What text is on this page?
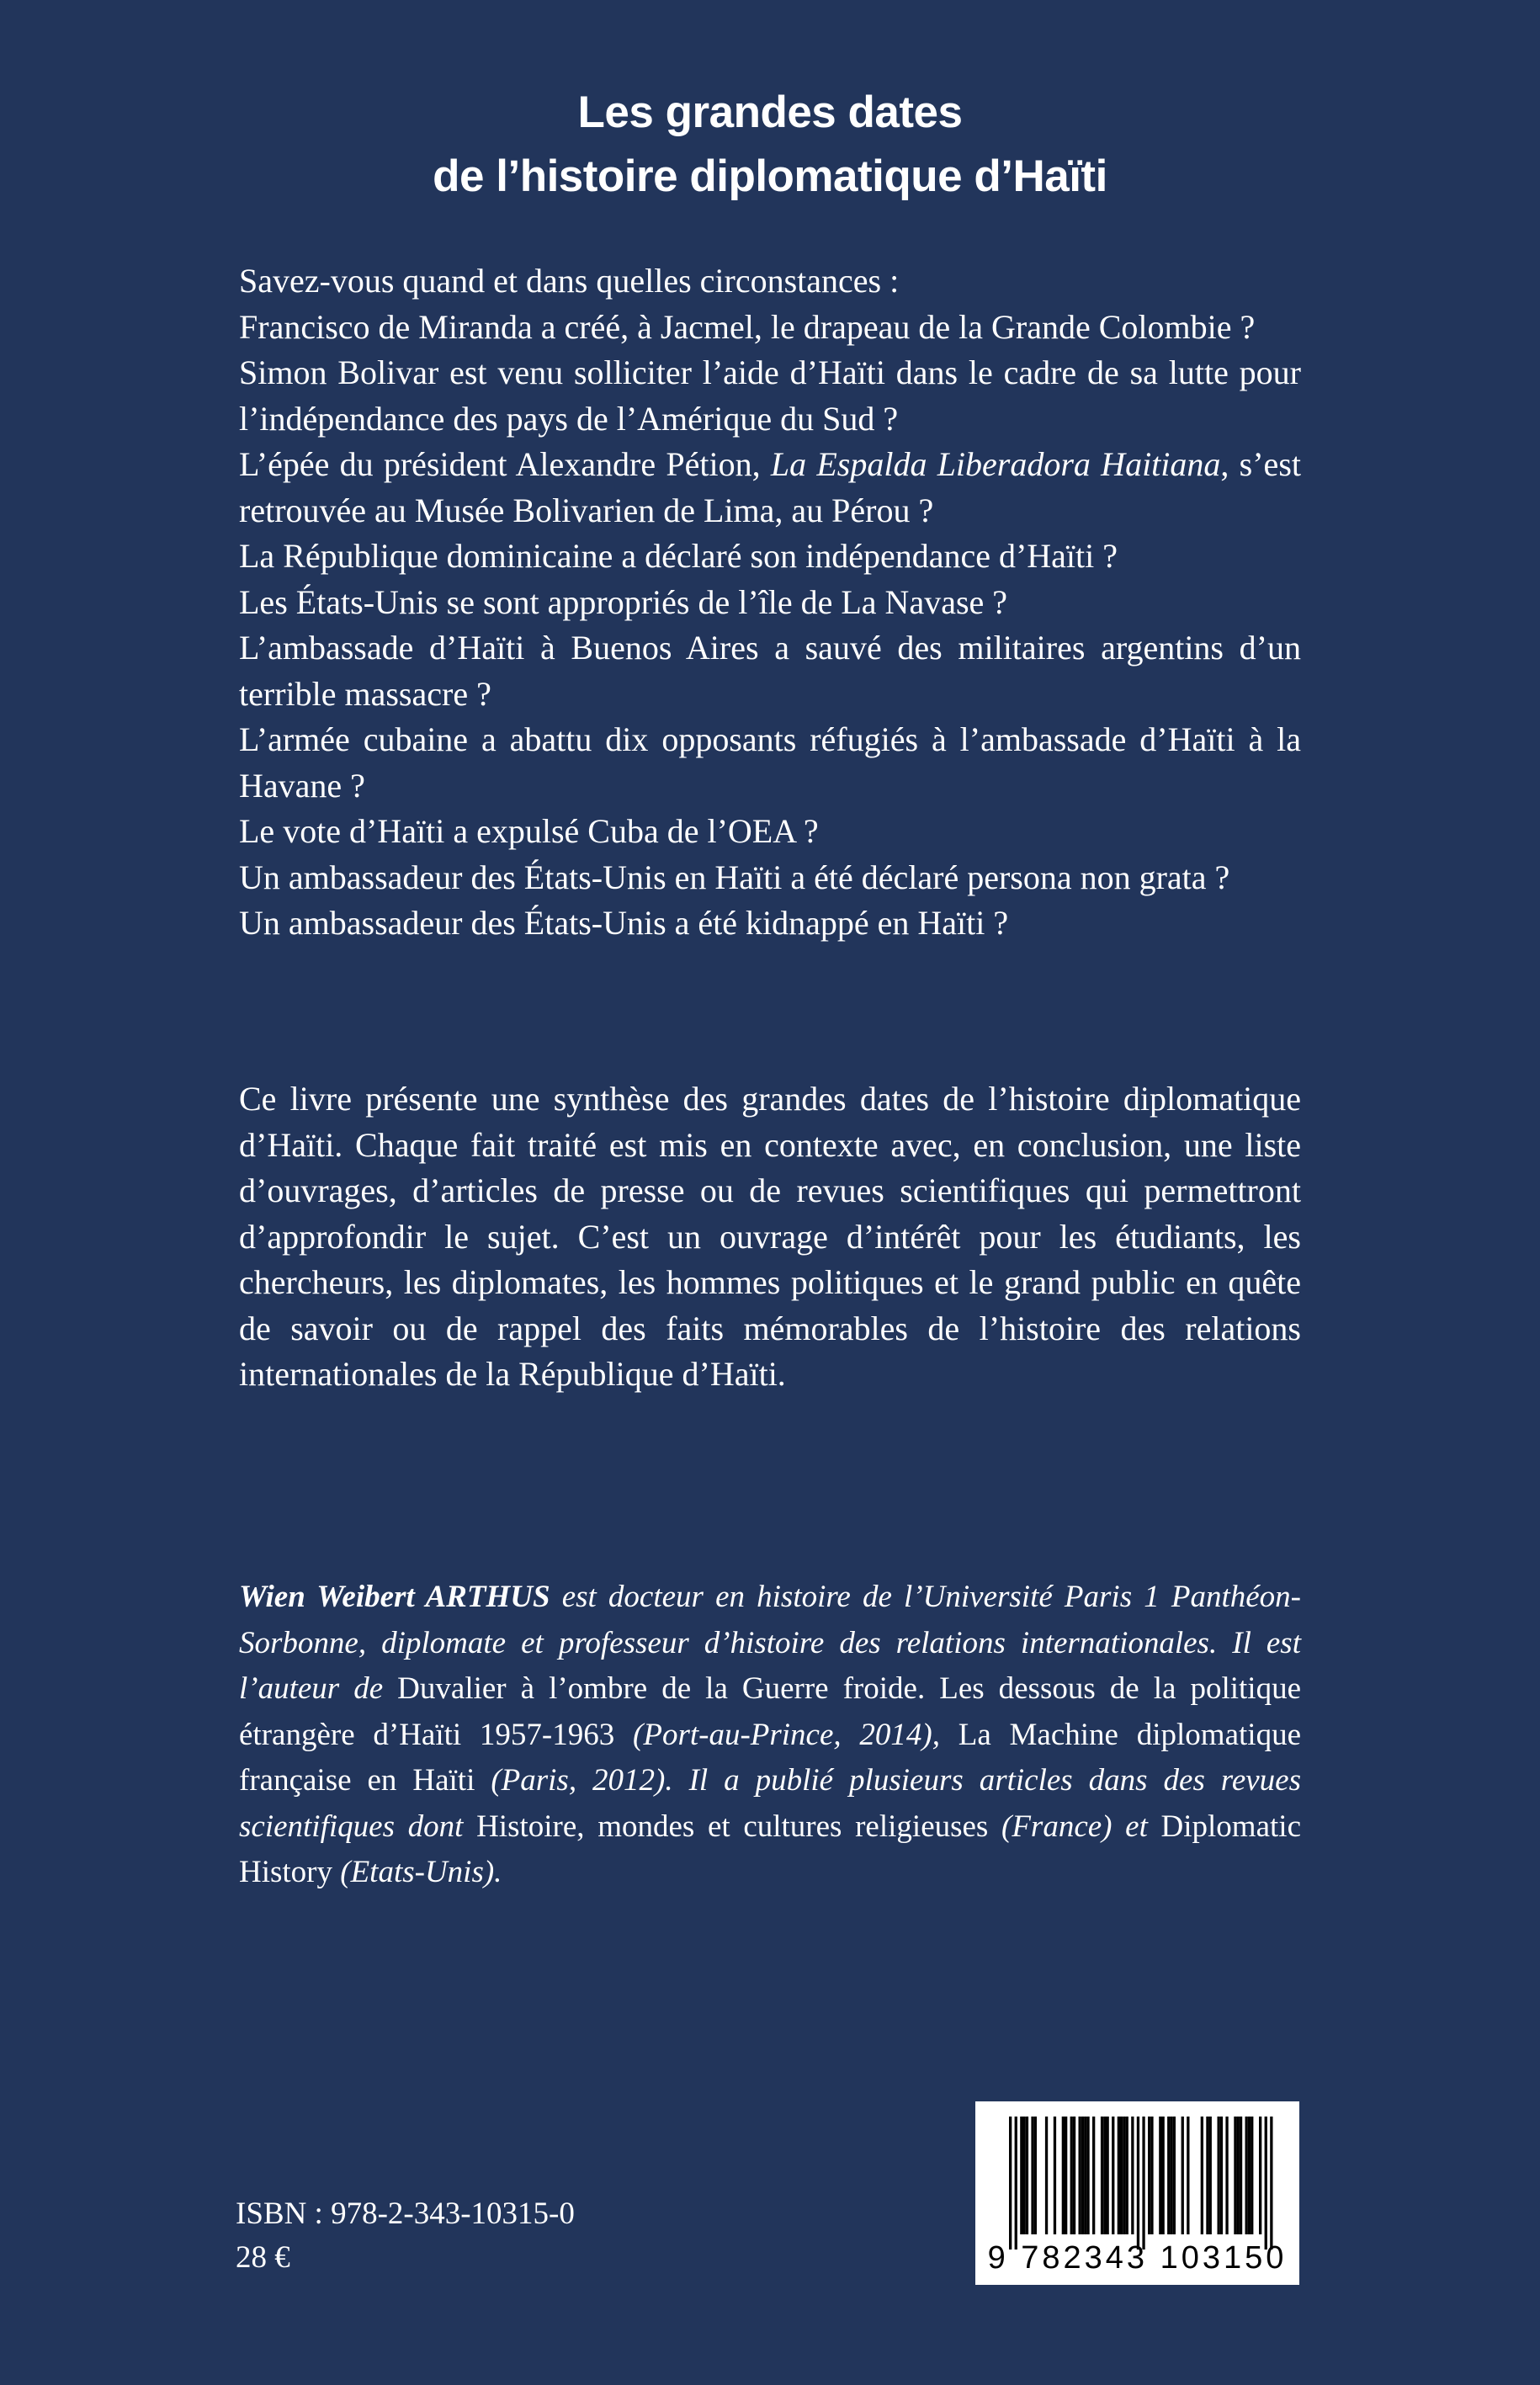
Les grandes dates
de l’histoire diplomatique d’Haïti

Savez-vous quand et dans quelles circonstances :

Francisco de Miranda a créé, à Jacmel, le drapeau de la Grande Colombie ?

Simon Bolivar est venu solliciter l’aide d’Haïti dans le cadre de sa lutte pour l’indépendance des pays de l’Amérique du Sud ?

L’épée du président Alexandre Pétion, La Espalda Liberadora Haitiana, s’est retrouvée au Musée Bolivarien de Lima, au Pérou ?

La République dominicaine a déclaré son indépendance d’Haïti ?

Les États-Unis se sont appropriés de l’île de La Navase ?

L’ambassade d’Haïti à Buenos Aires a sauvé des militaires argentins d’un terrible massacre ?

L’armée cubaine a abattu dix opposants réfugiés à l’ambassade d’Haïti à la Havane ?

Le vote d’Haïti a expulsé Cuba de l’OEA ?

Un ambassadeur des États-Unis en Haïti a été déclaré persona non grata ?

Un ambassadeur des États-Unis a été kidnappé en Haïti ?

Ce livre présente une synthèse des grandes dates de l’histoire diplomatique d’Haïti. Chaque fait traité est mis en contexte avec, en conclusion, une liste d’ouvrages, d’articles de presse ou de revues scientifiques qui permettront d’approfondir le sujet. C’est un ouvrage d’intérêt pour les étudiants, les chercheurs, les diplomates, les hommes politiques et le grand public en quête de savoir ou de rappel des faits mémorables de l’histoire des relations internationales de la République d’Haïti.

Wien Weibert ARTHUS est docteur en histoire de l’Université Paris 1 Panthéon-Sorbonne, diplomate et professeur d’histoire des relations internationales. Il est l’auteur de Duvalier à l’ombre de la Guerre froide. Les dessous de la politique étrangère d’Haïti 1957-1963 (Port-au-Prince, 2014), La Machine diplomatique française en Haïti (Paris, 2012). Il a publié plusieurs articles dans des revues scientifiques dont Histoire, mondes et cultures religieuses (France) et Diplomatic History (Etats-Unis).

ISBN : 978-2-343-10315-0
28 €	9 782343 103150
